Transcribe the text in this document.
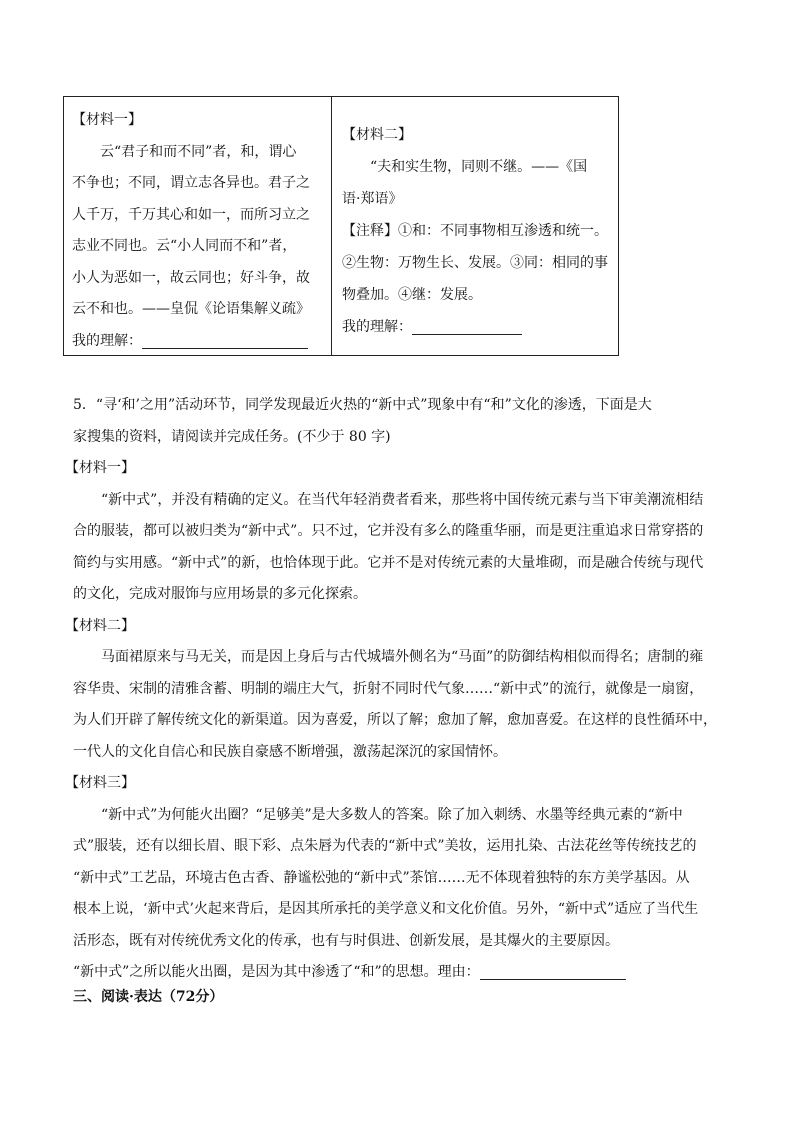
【材料一】
云“君子和而不同”者，和，谓心
不争也；不同，谓立志各异也。君子之
人千万，千万其心和如一，而所习立之
志业不同也。云“小人同而不和”者，
小人为恶如一，故云同也；好斗争，故
云不和也。——皇侃《论语集解义疏》
我的理解：
【材料二】
“夫和实生物，同则不继。——《国
语·郑语》
【注释】①和：不同事物相互渗透和统一。
②生物：万物生长、发展。③同：相同的事
物叠加。④继：发展。
我的理解：

5．“寻‘和’之用”活动环节，同学发现最近火热的“新中式”现象中有“和”文化的渗透，下面是大

家搜集的资料，请阅读并完成任务。(不少于 80 字)

【材料一】

“新中式”，并没有精确的定义。在当代年轻消费者看来，那些将中国传统元素与当下审美潮流相结

合的服装，都可以被归类为“新中式”。只不过，它并没有多么的隆重华丽，而是更注重追求日常穿搭的

简约与实用感。“新中式”的新，也恰体现于此。它并不是对传统元素的大量堆砌，而是融合传统与现代

的文化，完成对服饰与应用场景的多元化探索。

【材料二】

马面裙原来与马无关，而是因上身后与古代城墙外侧名为“马面”的防御结构相似而得名；唐制的雍

容华贵、宋制的清雅含蓄、明制的端庄大气，折射不同时代气象……“新中式”的流行，就像是一扇窗，

为人们开辟了解传统文化的新渠道。因为喜爱，所以了解；愈加了解，愈加喜爱。在这样的良性循环中，

一代人的文化自信心和民族自豪感不断增强，激荡起深沉的家国情怀。

【材料三】

“新中式”为何能火出圈？“足够美”是大多数人的答案。除了加入刺绣、水墨等经典元素的“新中

式”服装，还有以细长眉、眼下彩、点朱唇为代表的“新中式”美妆，运用扎染、古法花丝等传统技艺的

“新中式”工艺品，环境古色古香、静谧松弛的“新中式”茶馆……无不体现着独特的东方美学基因。从

根本上说，‘新中式’火起来背后，是因其所承托的美学意义和文化价值。另外，“新中式”适应了当代生

活形态，既有对传统优秀文化的传承，也有与时俱进、创新发展，是其爆火的主要原因。

“新中式”之所以能火出圈，是因为其中渗透了“和”的思想。理由：

三、阅读·表达（72分）
